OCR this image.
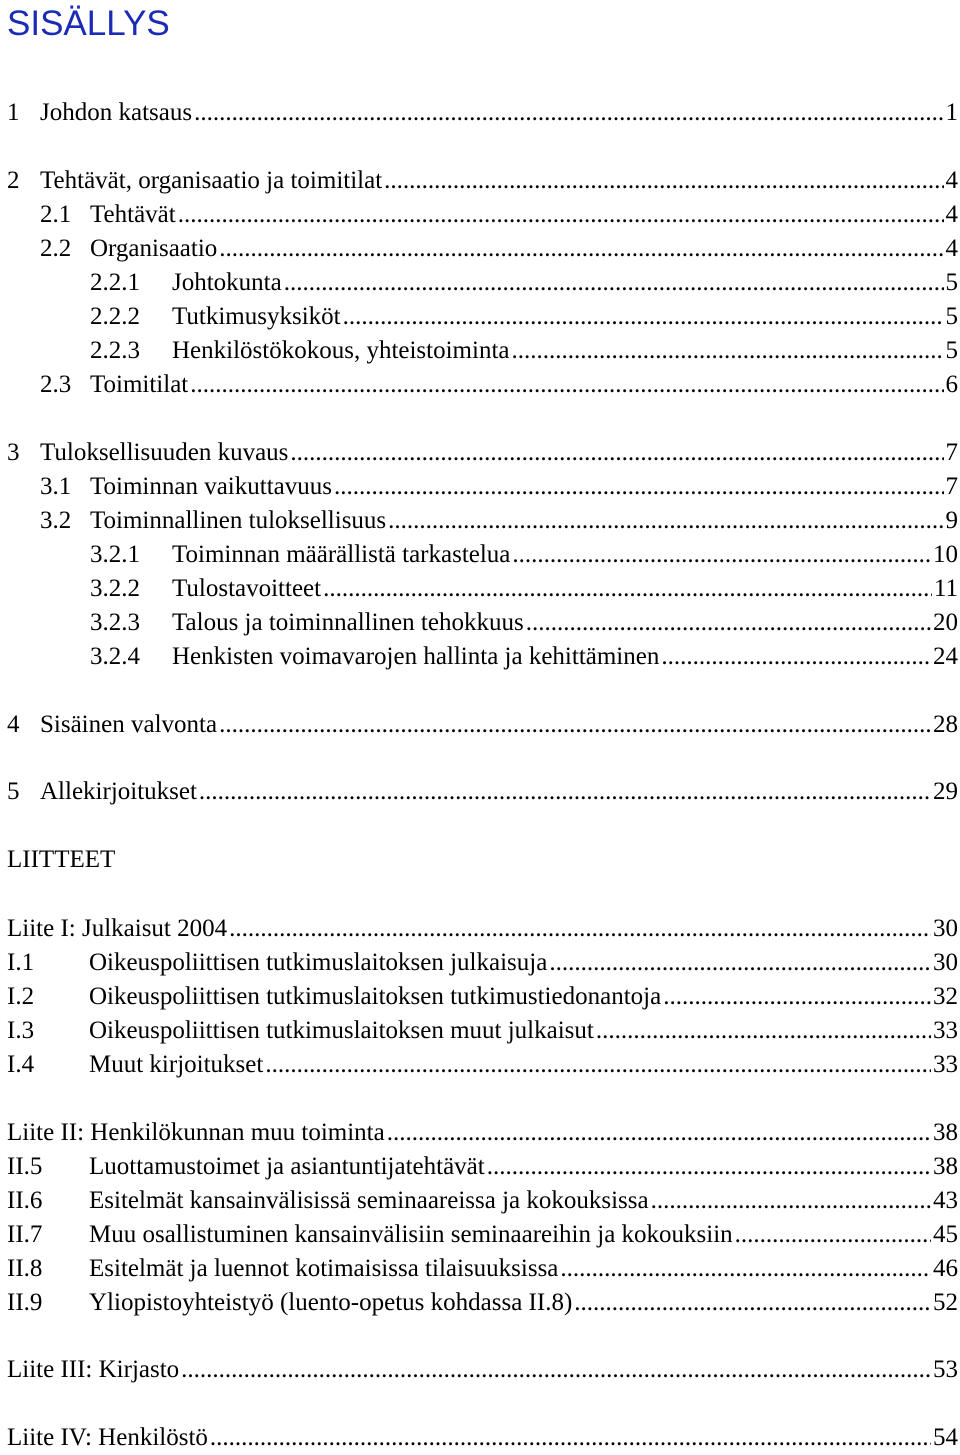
SISÄLLYS
1 Johdon katsaus .....	1
2 Tehtävät, organisaatio ja toimitilat .....	4
2.1 Tehtävät .....	4
2.2 Organisaatio .....	4
2.2.1	Johtokunta .....	5
2.2.2	Tutkimusyksiköt .....	5
2.2.3	Henkilöstökokous, yhteistoiminta .....	5
2.3 Toimitilat .....	6
3 Tuloksellisuuden kuvaus .....	7
3.1 Toiminnan vaikuttavuus .....	7
3.2 Toiminnallinen tuloksellisuus .....	9
3.2.1	Toiminnan määrällistä tarkastelua .....	10
3.2.2	Tulostavoitteet .....	11
3.2.3	Talous ja toiminnallinen tehokkuus .....	20
3.2.4	Henkisten voimavarojen hallinta ja kehittäminen .....	24
4 Sisäinen valvonta .....	28
5 Allekirjoitukset .....	29
LIITTEET
Liite I: Julkaisut 2004 .....	30
I.1	Oikeuspoliittisen tutkimuslaitoksen julkaisuja .....	30
I.2	Oikeuspoliittisen tutkimuslaitoksen tutkimustiedonantoja .....	32
I.3	Oikeuspoliittisen tutkimuslaitoksen muut julkaisut .....	33
I.4	Muut kirjoitukset .....	33
Liite II: Henkilökunnan muu toiminta .....	38
II.5	Luottamustoimet ja asiantuntijatehtävät .....	38
II.6	Esitelmät kansainvälisissä seminaareissa ja kokouksissa .....	43
II.7	Muu osallistuminen kansainvälisiin seminaareihin ja kokouksiin .....	45
II.8	Esitelmät ja luennot kotimaisissa tilaisuuksissa .....	46
II.9	Yliopistoyhteistyö (luento-opetus kohdassa II.8) .....	52
Liite III: Kirjasto .....	53
Liite IV: Henkilöstö .....	54
